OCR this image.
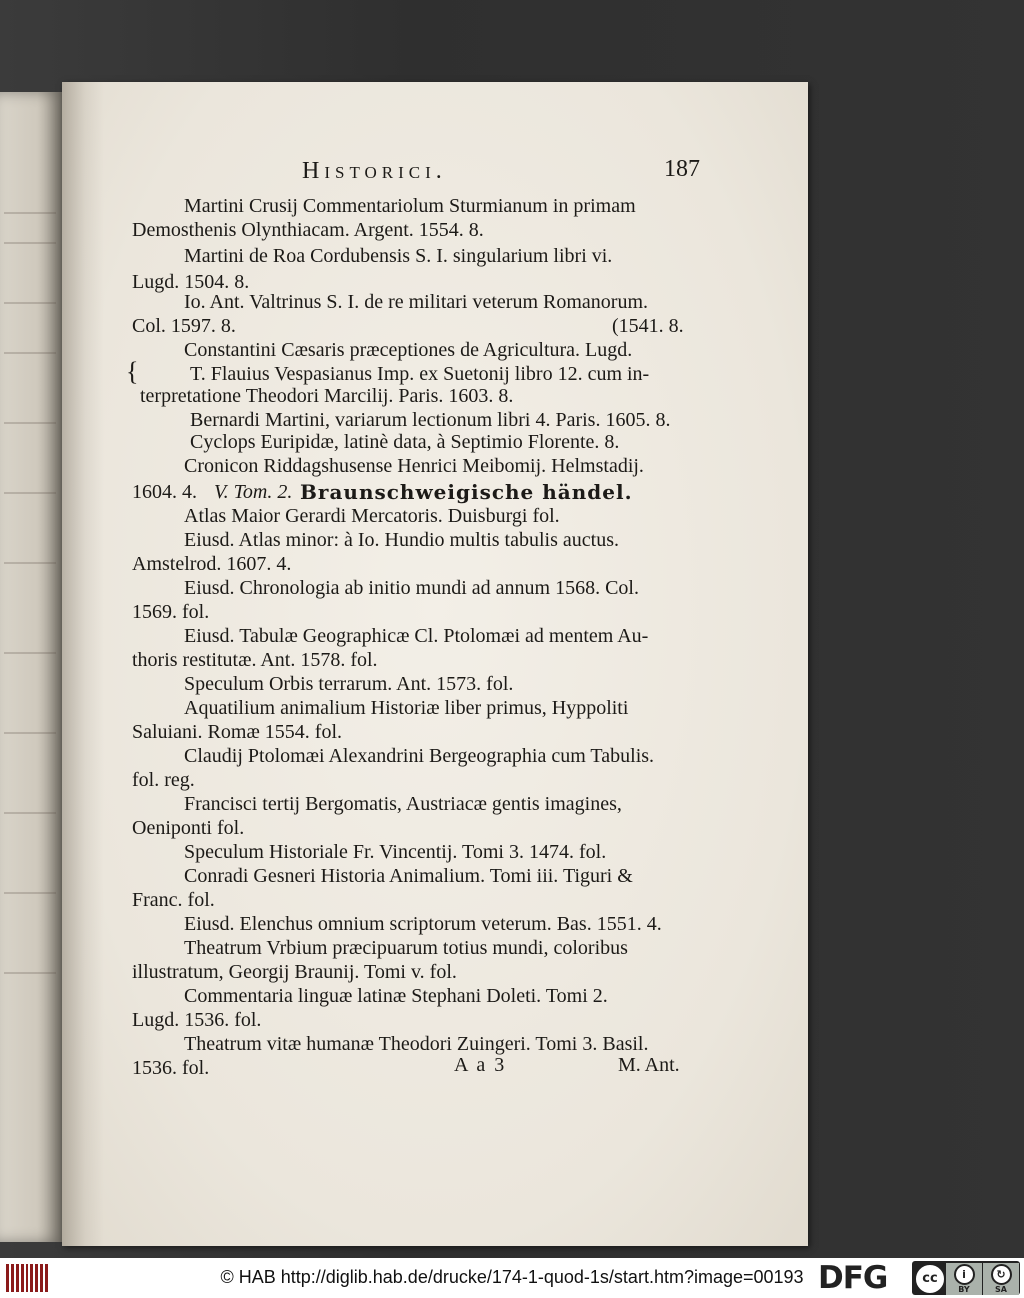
Historici.	187
{
Martini Crusij Commentariolum Sturmianum in primam
Demosthenis Olynthiacam. Argent. 1554. 8.
Martini de Roa Cordubensis S. I. singularium libri vi.
Lugd. 1504. 8.
Io. Ant. Valtrinus S. I. de re militari veterum Romanorum.
Col. 1597. 8.	(1541. 8.
Constantini Cæsaris præceptiones de Agricultura. Lugd.
T. Flauius Vespasianus Imp. ex Suetonij libro 12. cum in-
terpretatione Theodori Marcilij. Paris. 1603. 8.
Bernardi Martini, variarum lectionum libri 4. Paris. 1605. 8.
Cyclops Euripidæ, latinè data, à Septimio Florente. 8.
Cronicon Riddagshusense Henrici Meibomij. Helmstadij.
1604. 4. V. Tom. 2. Braunschweigische händel.
Atlas Maior Gerardi Mercatoris. Duisburgi fol.
Eiusd. Atlas minor: à Io. Hundio multis tabulis auctus.
Amstelrod. 1607. 4.
Eiusd. Chronologia ab initio mundi ad annum 1568. Col.
1569. fol.
Eiusd. Tabulæ Geographicæ Cl. Ptolomæi ad mentem Au-
thoris restitutæ. Ant. 1578. fol.
Speculum Orbis terrarum. Ant. 1573. fol.
Aquatilium animalium Historiæ liber primus, Hyppoliti
Saluiani. Romæ 1554. fol.
Claudij Ptolomæi Alexandrini Bergeographia cum Tabulis.
fol. reg.
Francisci tertij Bergomatis, Austriacæ gentis imagines,
Oeniponti fol.
Speculum Historiale Fr. Vincentij. Tomi 3. 1474. fol.
Conradi Gesneri Historia Animalium. Tomi iii. Tiguri &
Franc. fol.
Eiusd. Elenchus omnium scriptorum veterum. Bas. 1551. 4.
Theatrum Vrbium præcipuarum totius mundi, coloribus
illustratum, Georgij Braunij. Tomi v. fol.
Commentaria linguæ latinæ Stephani Doleti. Tomi 2.
Lugd. 1536. fol.
Theatrum vitæ humanæ Theodori Zuingeri. Tomi 3. Basil.
1536. fol.	A a 3	M. Ant.
© HAB http://diglib.hab.de/drucke/174-1-quod-1s/start.htm?image=00193 DFG	cc	i
BY
↻
SA
